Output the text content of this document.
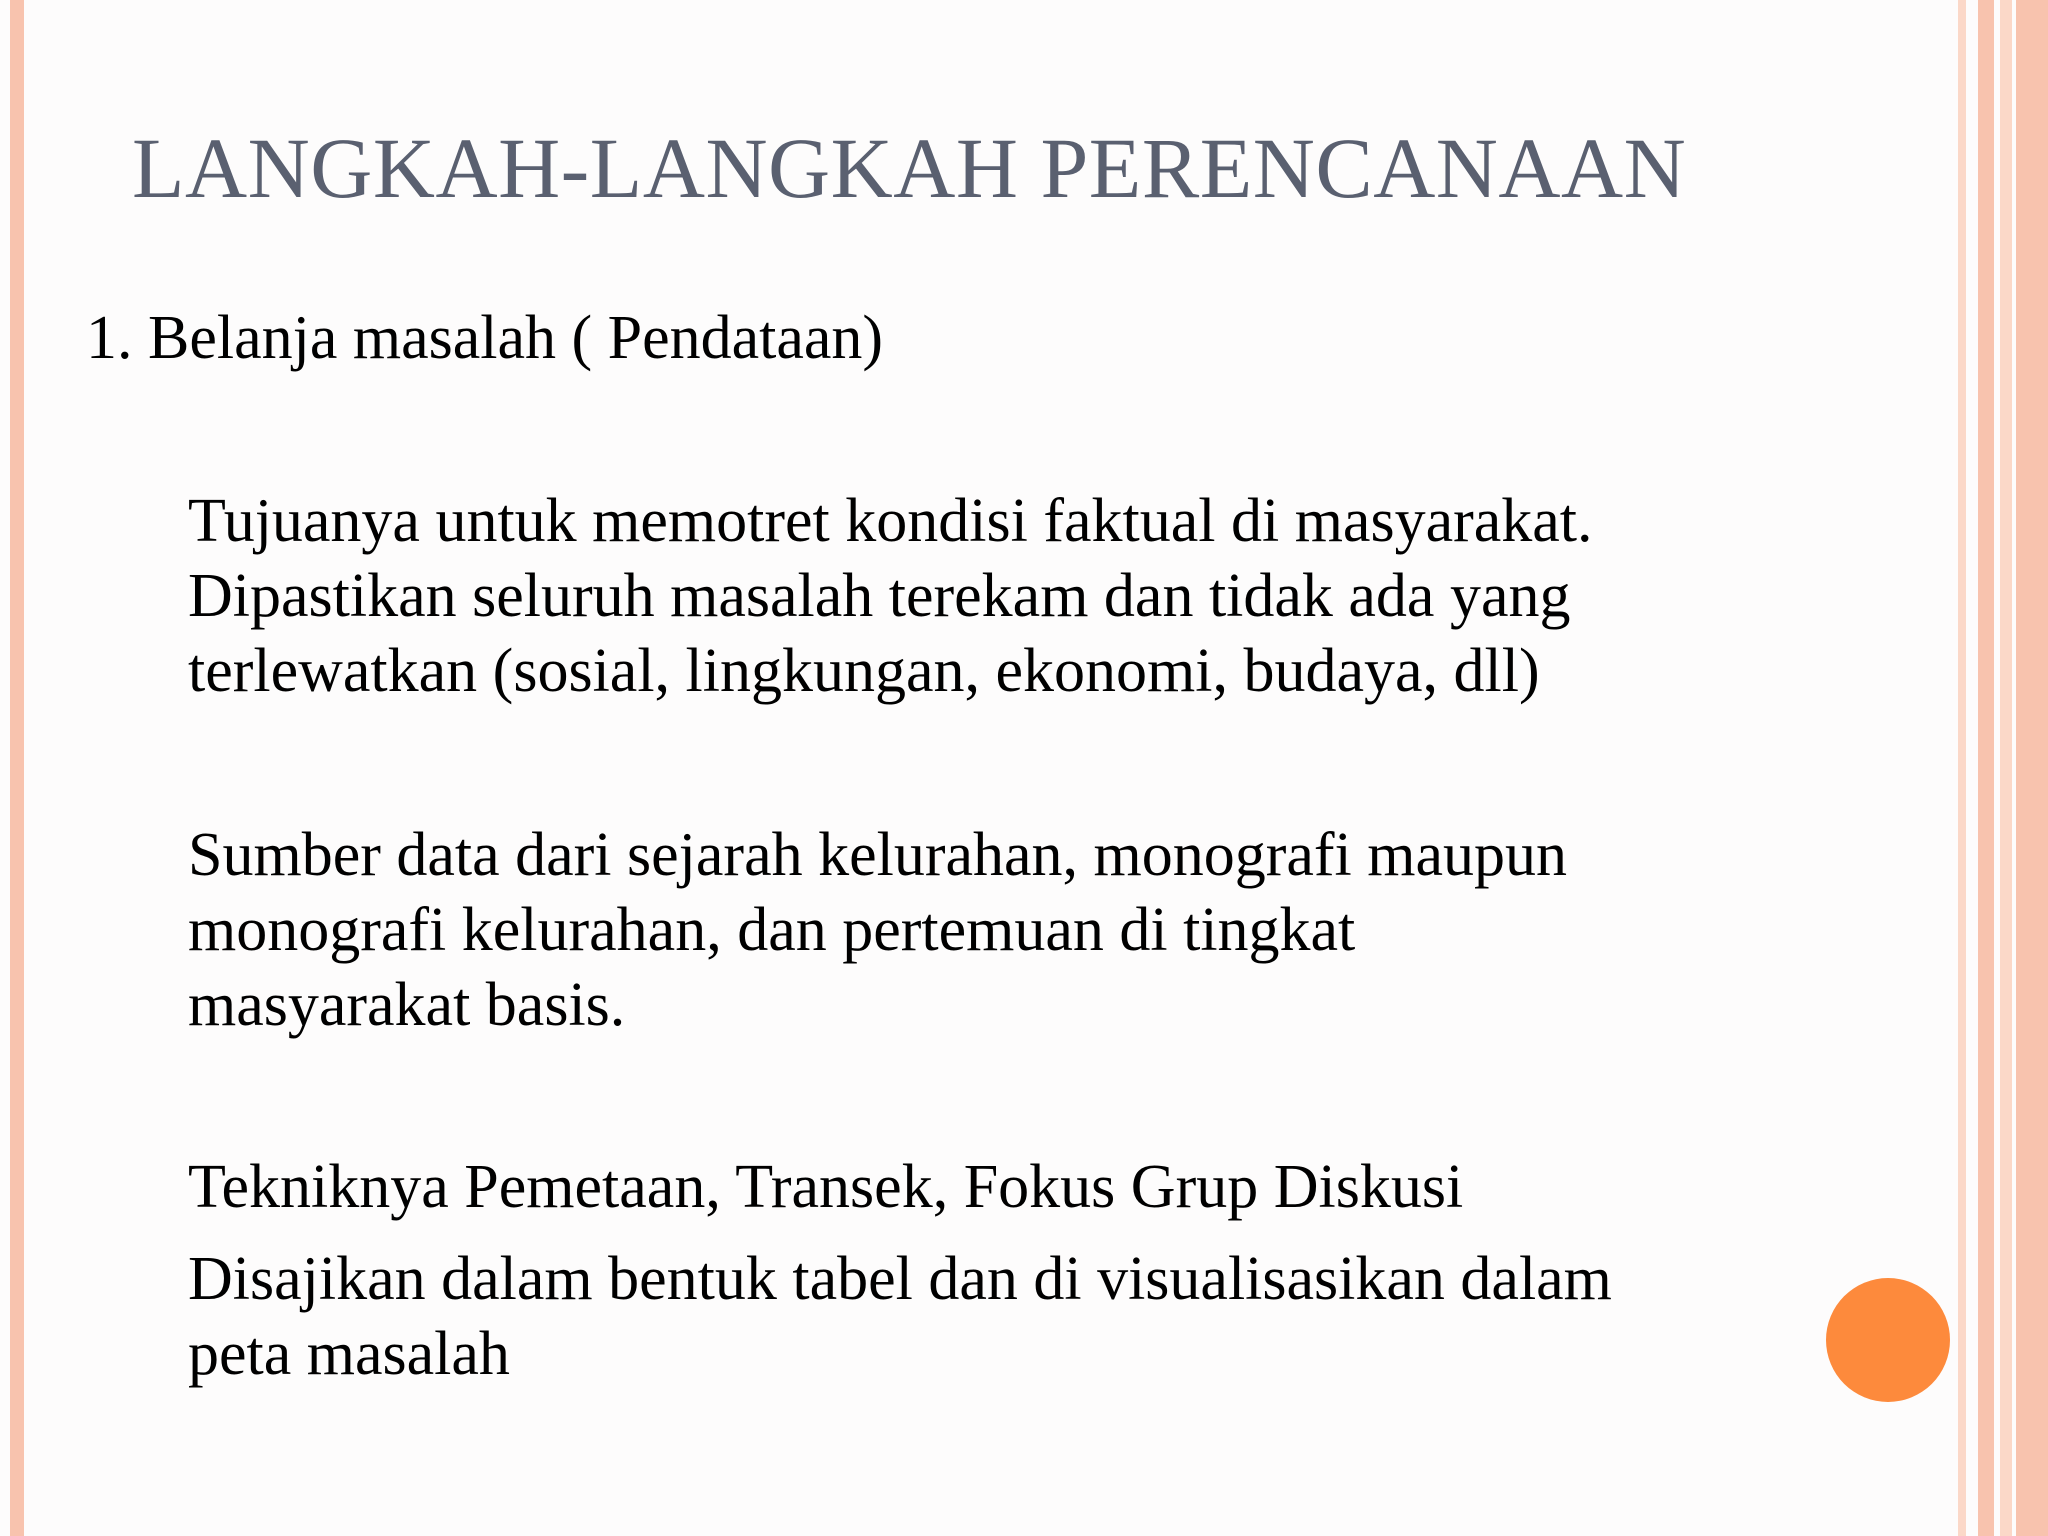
LANGKAH-LANGKAH PERENCANAAN
1. Belanja masalah ( Pendataan)
Tujuanya untuk memotret kondisi faktual di masyarakat.
Dipastikan seluruh masalah terekam dan tidak ada yang
terlewatkan (sosial, lingkungan, ekonomi, budaya, dll)
Sumber data dari sejarah kelurahan, monografi maupun
monografi kelurahan, dan pertemuan di tingkat
masyarakat basis.
Tekniknya Pemetaan, Transek, Fokus Grup Diskusi
Disajikan dalam bentuk tabel dan di visualisasikan dalam
peta masalah
